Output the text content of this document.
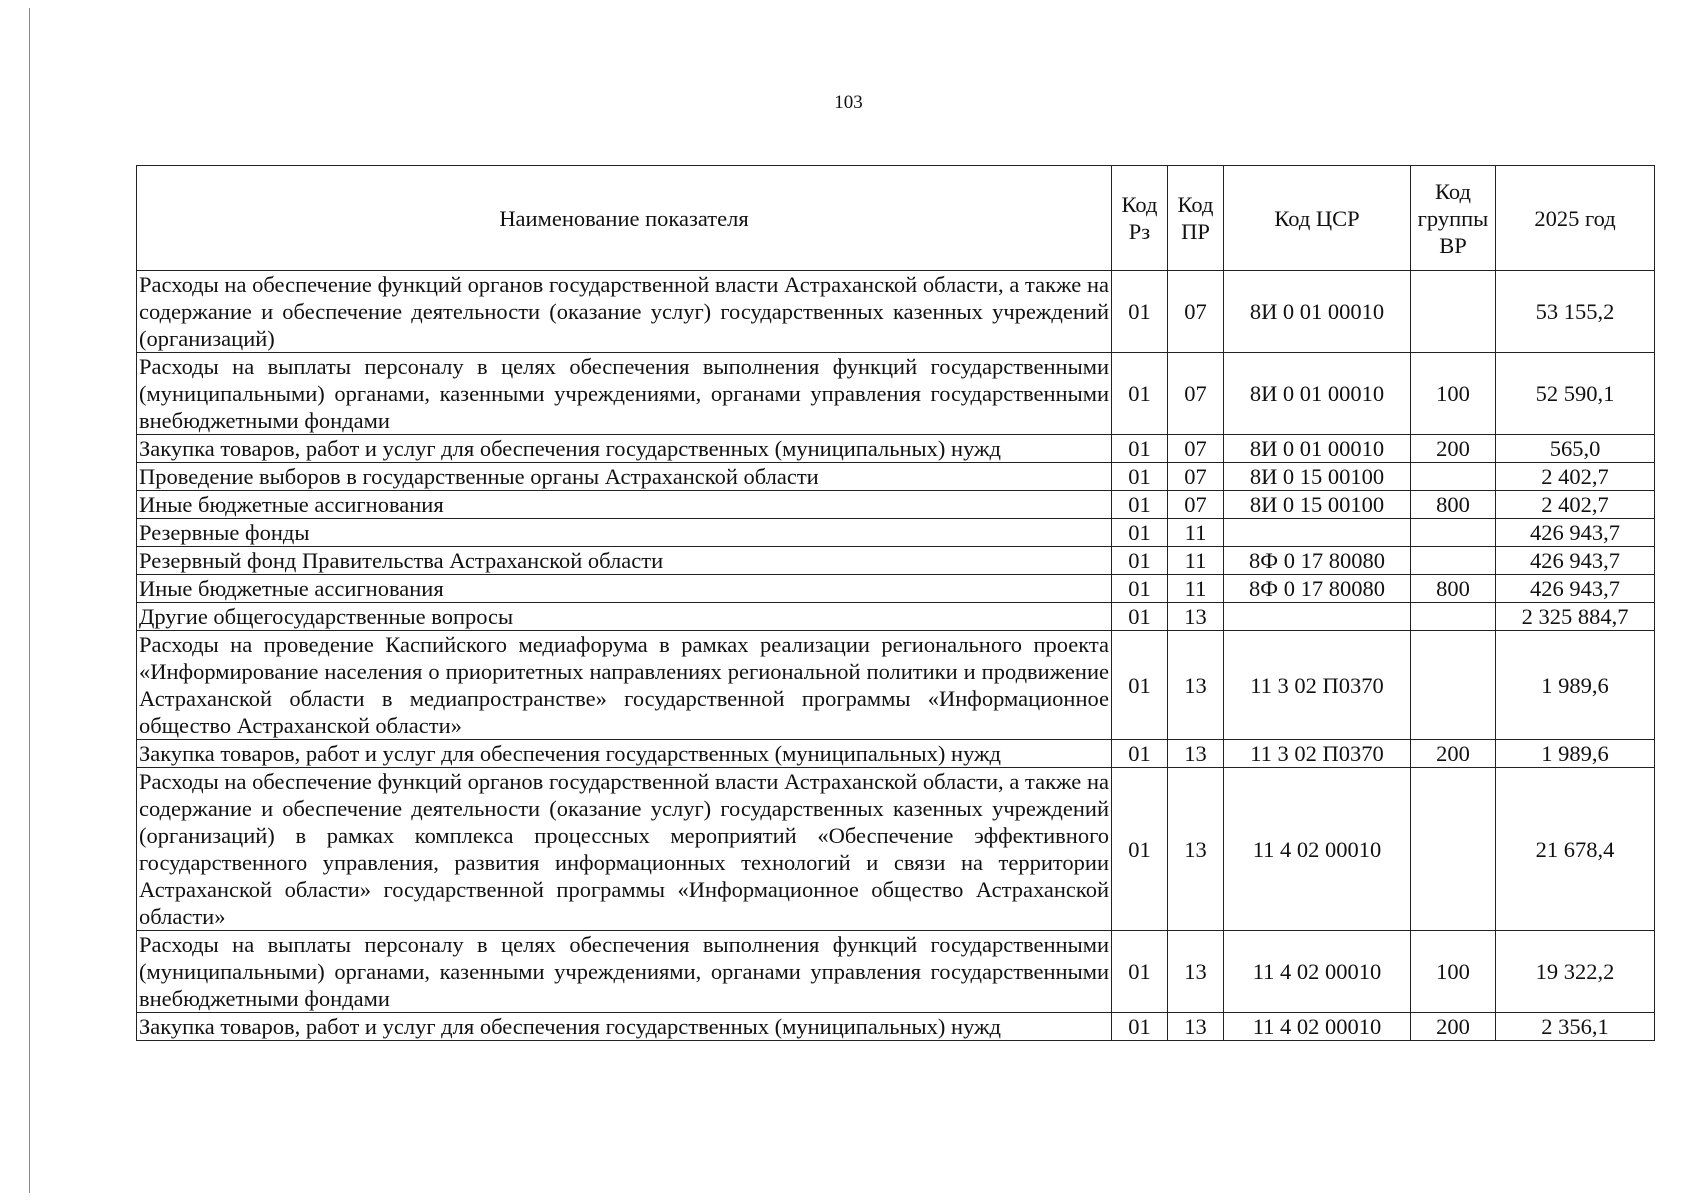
103
Наименование показателя	Код Рз	Код ПР	Код ЦСР	Код группы ВР	2025 год
Расходы на обеспечение функций органов государственной власти Астраханской области, а также на содержание и обеспечение деятельности (оказание услуг) государственных казенных учреждений (организаций)	01	07	8И 0 01 00010		53 155,2
Расходы на выплаты персоналу в целях обеспечения выполнения функций государственными (муниципальными) органами, казенными учреждениями, органами управления государственными внебюджетными фондами	01	07	8И 0 01 00010	100	52 590,1
Закупка товаров, работ и услуг для обеспечения государственных (муниципальных) нужд	01	07	8И 0 01 00010	200	565,0
Проведение выборов в государственные органы Астраханской области	01	07	8И 0 15 00100		2 402,7
Иные бюджетные ассигнования	01	07	8И 0 15 00100	800	2 402,7
Резервные фонды	01	11			426 943,7
Резервный фонд Правительства Астраханской области	01	11	8Ф 0 17 80080		426 943,7
Иные бюджетные ассигнования	01	11	8Ф 0 17 80080	800	426 943,7
Другие общегосударственные вопросы	01	13			2 325 884,7
Расходы на проведение Каспийского медиафорума в рамках реализации регионального проекта «Информирование населения о приоритетных направлениях региональной политики и продвижение Астраханской области в медиапространстве» государственной программы «Информационное общество Астраханской области»	01	13	11 3 02 П0370		1 989,6
Закупка товаров, работ и услуг для обеспечения государственных (муниципальных) нужд	01	13	11 3 02 П0370	200	1 989,6
Расходы на обеспечение функций органов государственной власти Астраханской области, а также на содержание и обеспечение деятельности (оказание услуг) государственных казенных учреждений (организаций) в рамках комплекса процессных мероприятий «Обеспечение эффективного государственного управления, развития информационных технологий и связи на территории Астраханской области» государственной программы «Информационное общество Астраханской области»	01	13	11 4 02 00010		21 678,4
Расходы на выплаты персоналу в целях обеспечения выполнения функций государственными (муниципальными) органами, казенными учреждениями, органами управления государственными внебюджетными фондами	01	13	11 4 02 00010	100	19 322,2
Закупка товаров, работ и услуг для обеспечения государственных (муниципальных) нужд	01	13	11 4 02 00010	200	2 356,1
